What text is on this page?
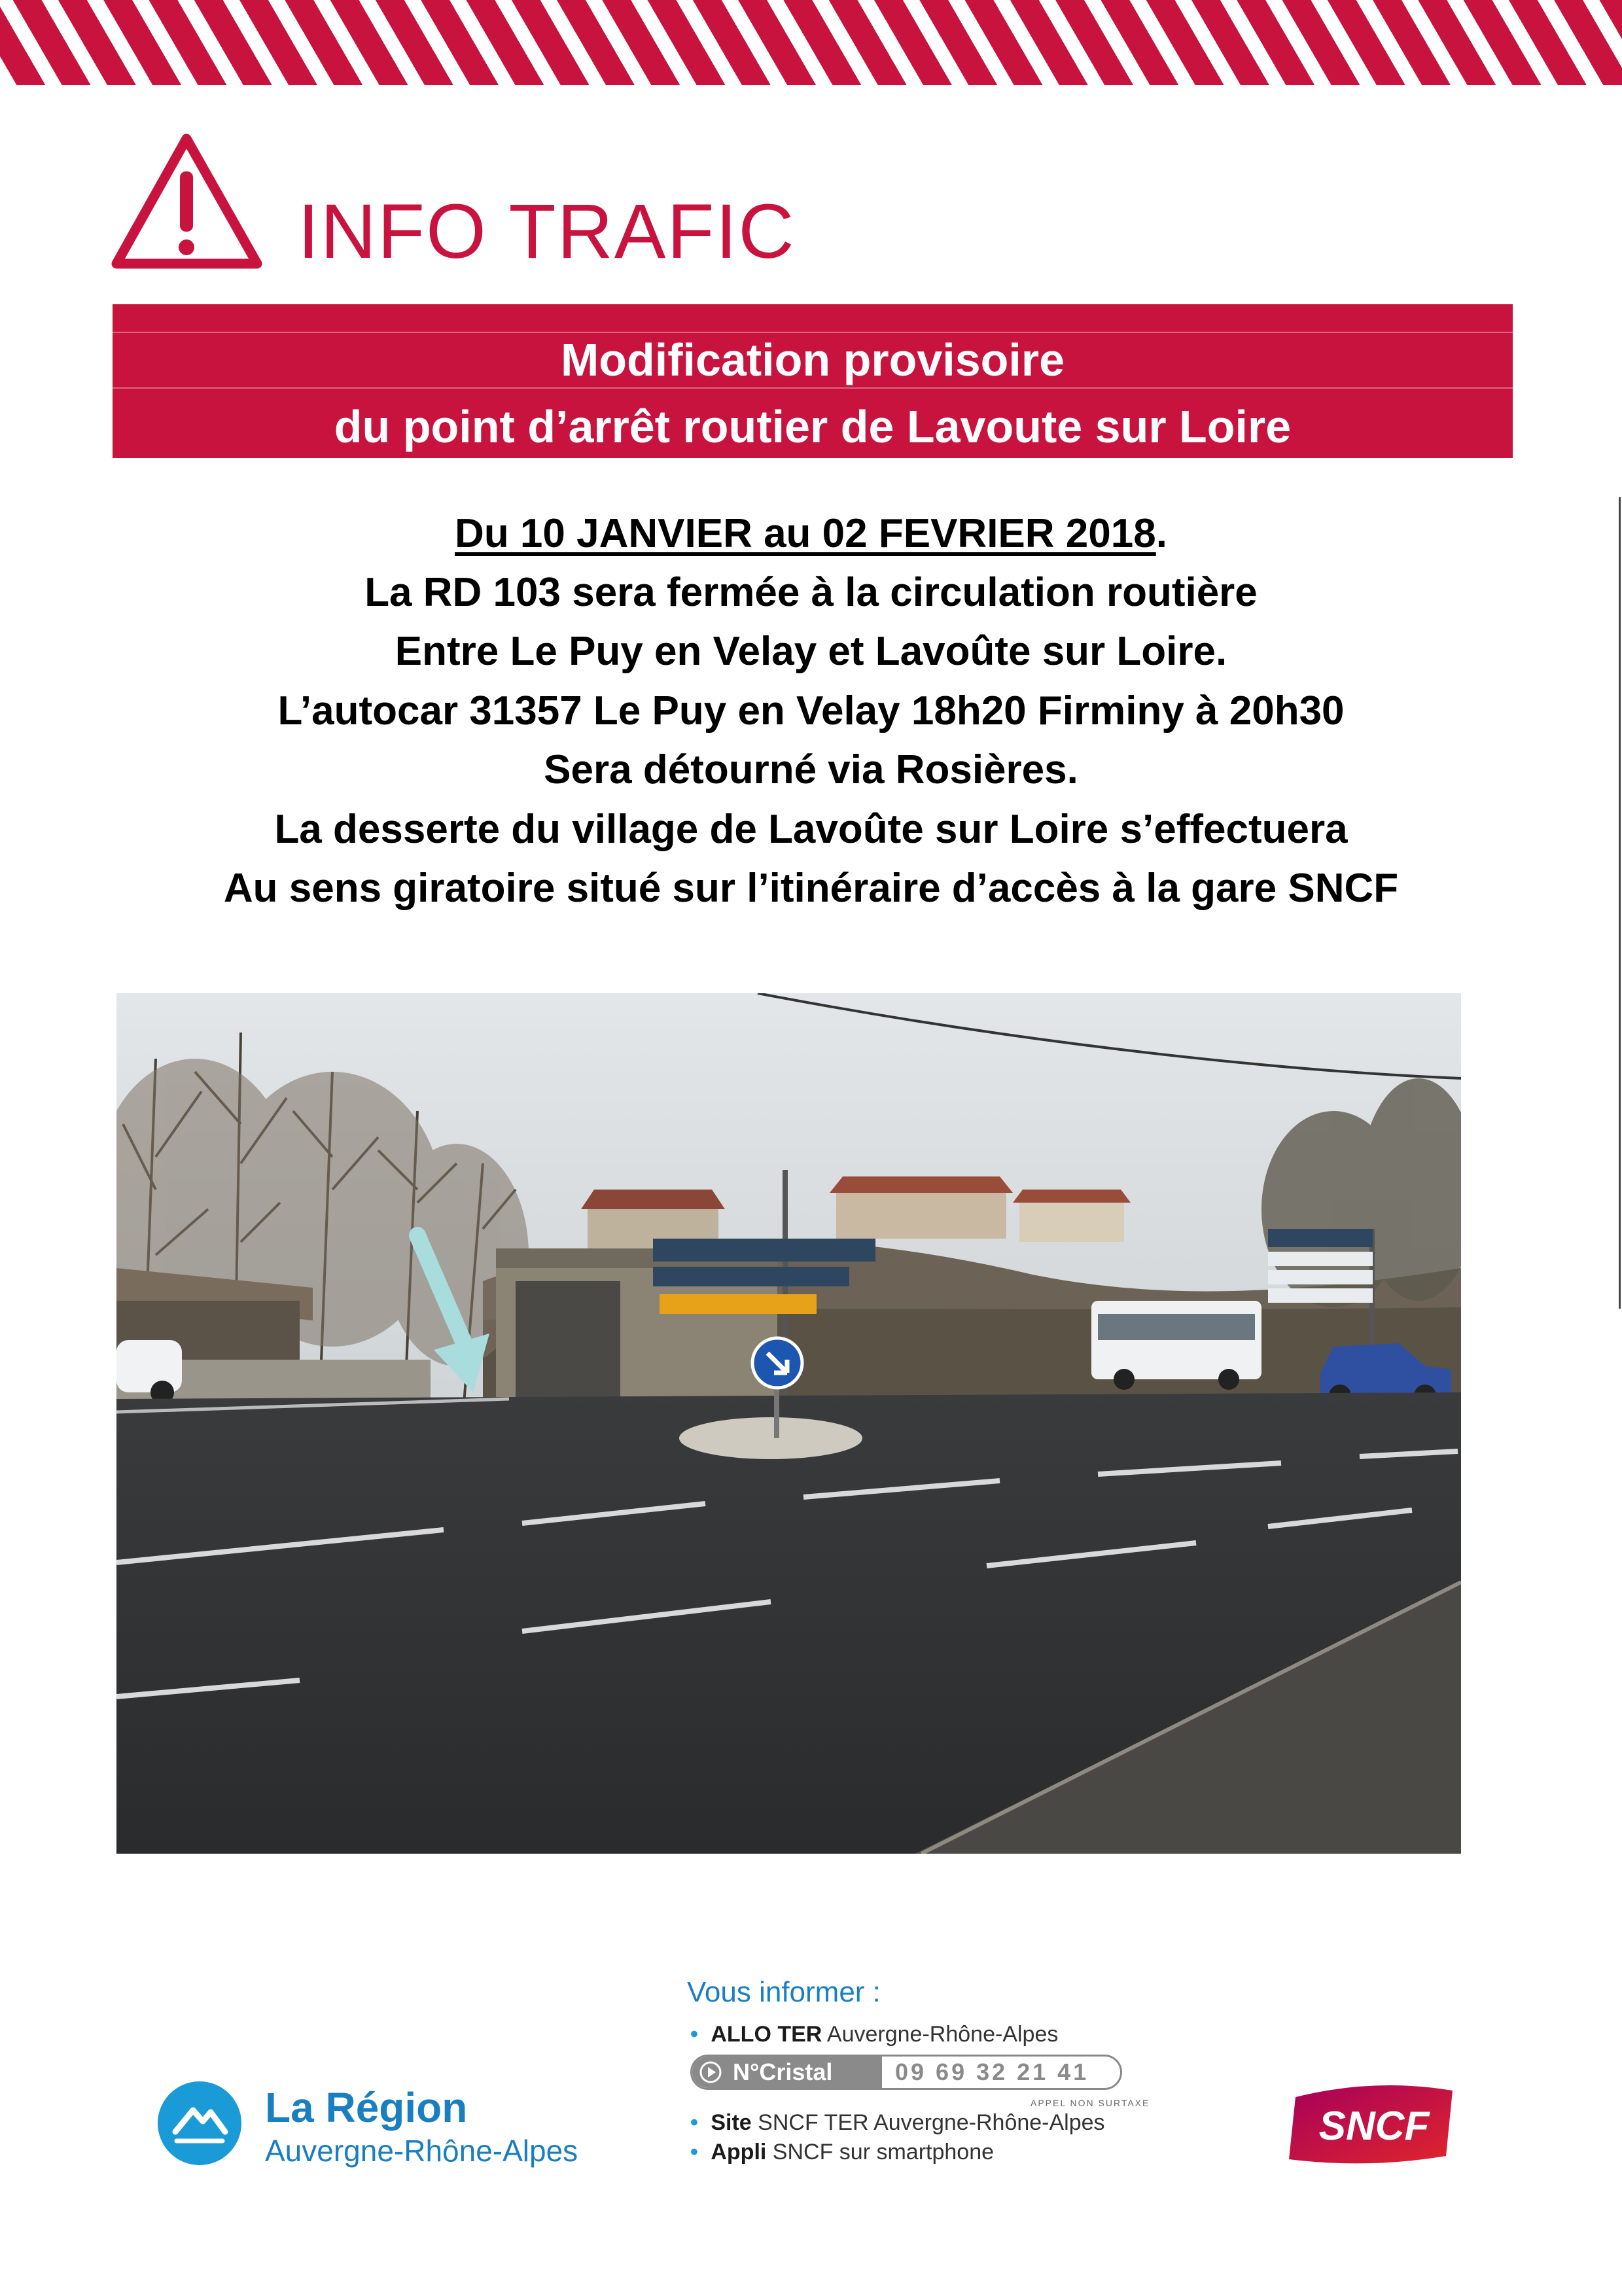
INFO TRAFIC
Modification provisoire
du point d’arrêt routier de Lavoute sur Loire
Du 10 JANVIER au 02 FEVRIER 2018.
La RD 103 sera fermée à la circulation routière
Entre Le Puy en Velay et Lavoûte sur Loire.
L’autocar 31357 Le Puy en Velay 18h20 Firminy à 20h30
Sera détourné via Rosières.
La desserte du village de Lavoûte sur Loire s’effectuera
Au sens giratoire situé sur l’itinéraire d’accès à la gare SNCF
La Région
Auvergne-Rhône-Alpes
Vous informer :
• ALLO TER Auvergne-Rhône-Alpes
N°Cristal	09 69 32 21 41
APPEL NON SURTAXE
• Site SNCF TER Auvergne-Rhône-Alpes
• Appli SNCF sur smartphone
SNCF
